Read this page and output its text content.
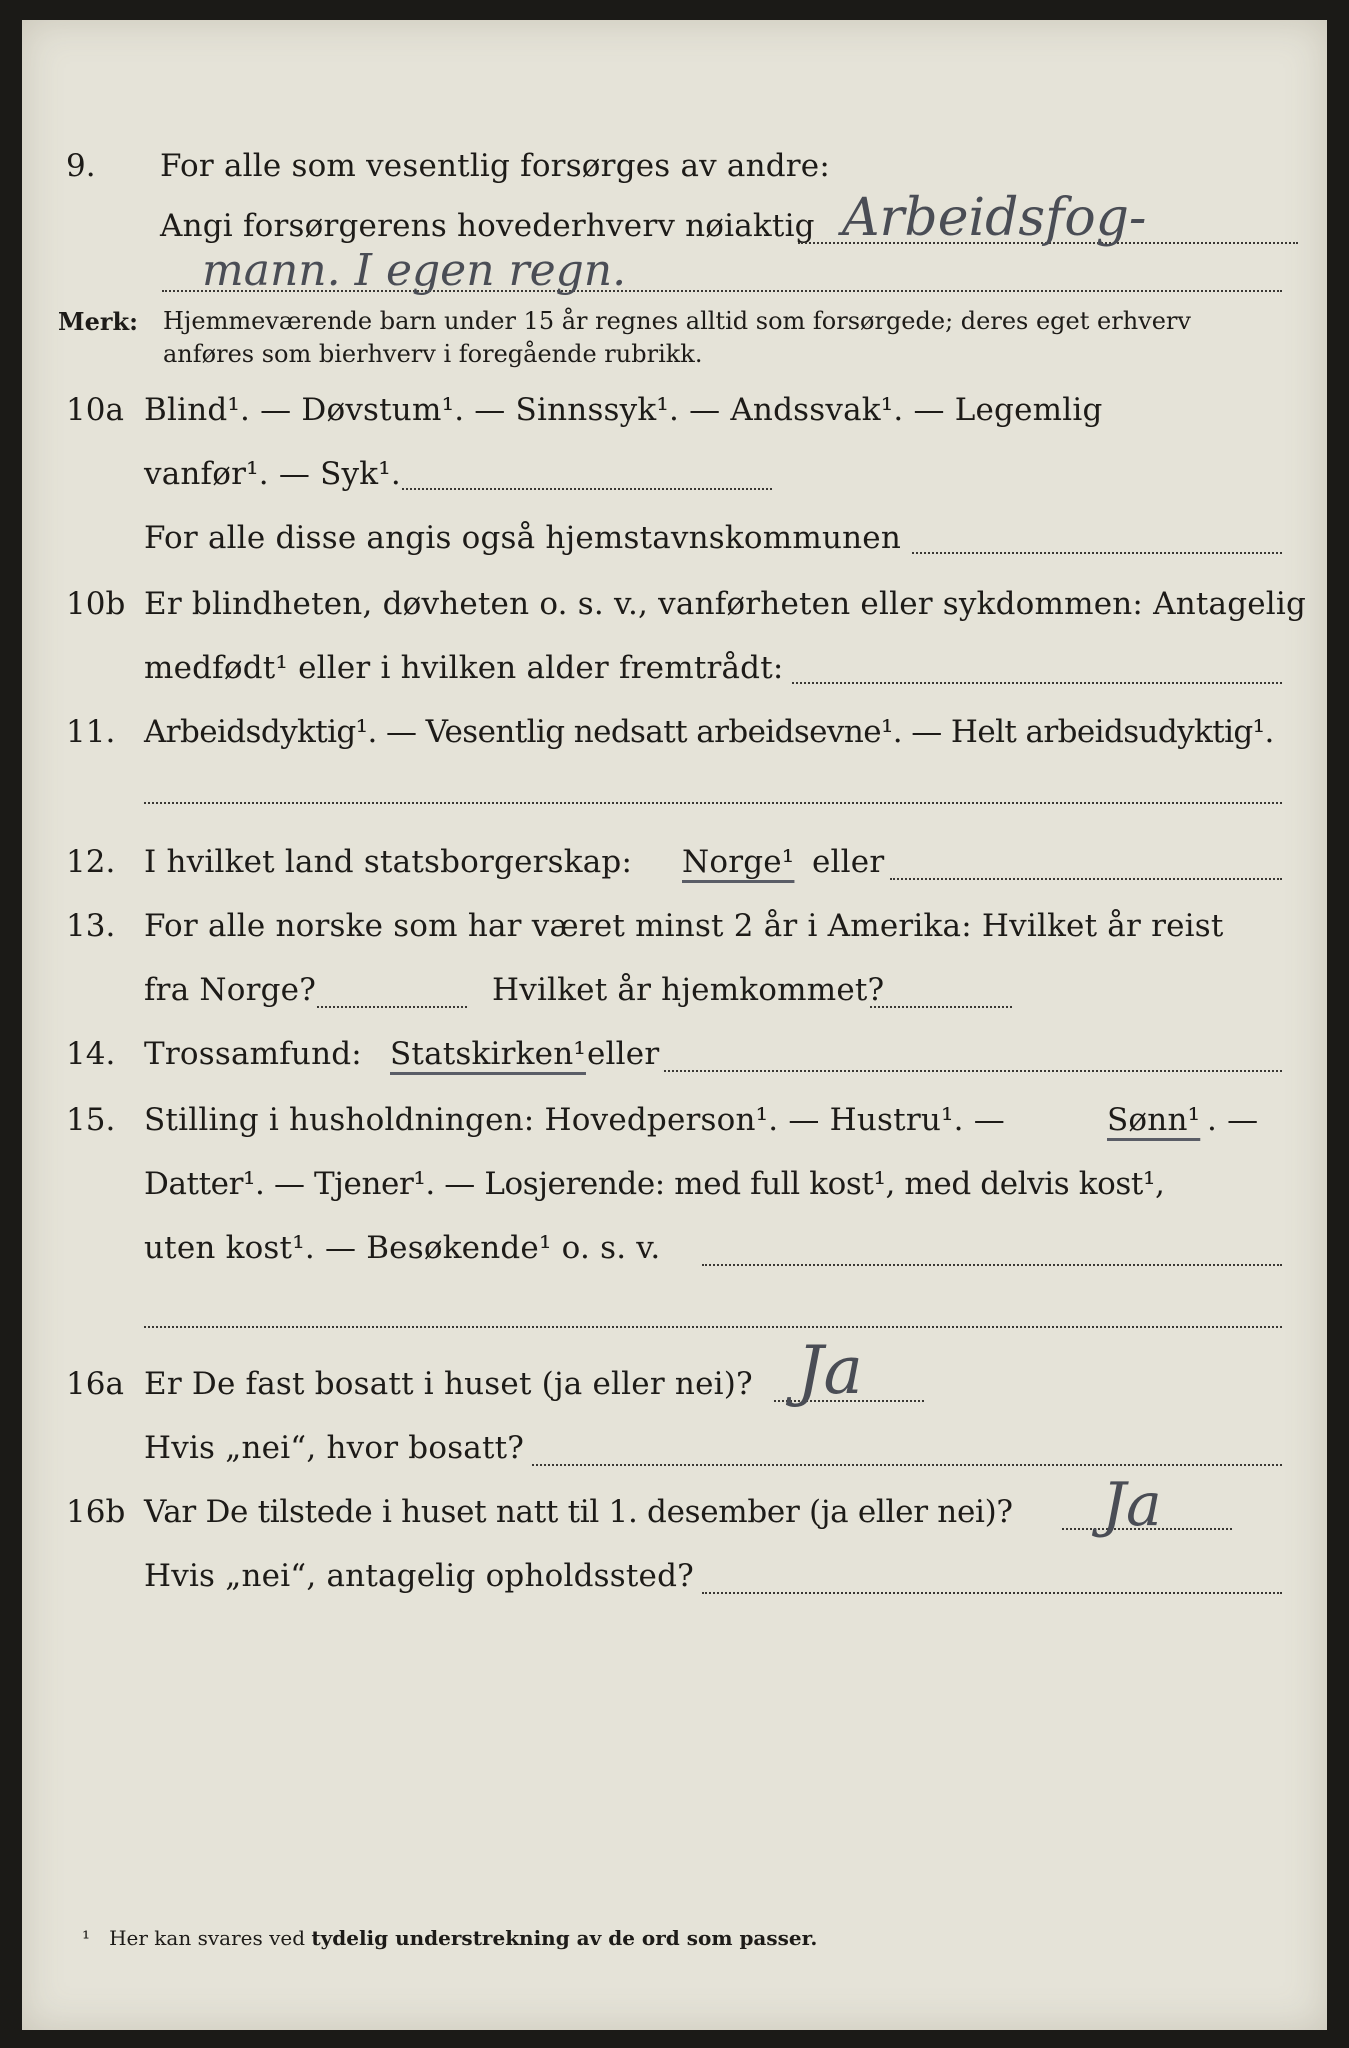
9. For alle som vesentlig forsørges av andre:
Angi forsørgerens hovederhverv nøiaktig Arbeidsfog-
mann. I egen regn.
Merk: Hjemmeværende barn under 15 år regnes alltid som forsørgede; deres eget erhverv
anføres som bierhverv i foregående rubrikk.
10a Blind¹. — Døvstum¹. — Sinnssyk¹. — Andssvak¹. — Legemlig
vanfør¹. — Syk¹.
For alle disse angis også hjemstavnskommunen
10b Er blindheten, døvheten o. s. v., vanførheten eller sykdommen: Antagelig
medfødt¹ eller i hvilken alder fremtrådt:
11. Arbeidsdyktig¹. — Vesentlig nedsatt arbeidsevne¹. — Helt arbeidsudyktig¹.
12. I hvilket land statsborgerskap: Norge¹ eller
13. For alle norske som har været minst 2 år i Amerika: Hvilket år reist
fra Norge?	Hvilket år hjemkommet?
14. Trossamfund: Statskirken¹ eller
15. Stilling i husholdningen: Hovedperson¹. — Hustru¹. —	Sønn¹ . —
Datter¹. — Tjener¹. — Losjerende: med full kost¹, med delvis kost¹,
uten kost¹. — Besøkende¹ o. s. v.
16a Er De fast bosatt i huset (ja eller nei)? Ja
Hvis „nei“, hvor bosatt?
16b Var De tilstede i huset natt til 1. desember (ja eller nei)? Ja
Hvis „nei“, antagelig opholdssted?
¹ Her kan svares ved tydelig understrekning av de ord som passer.
